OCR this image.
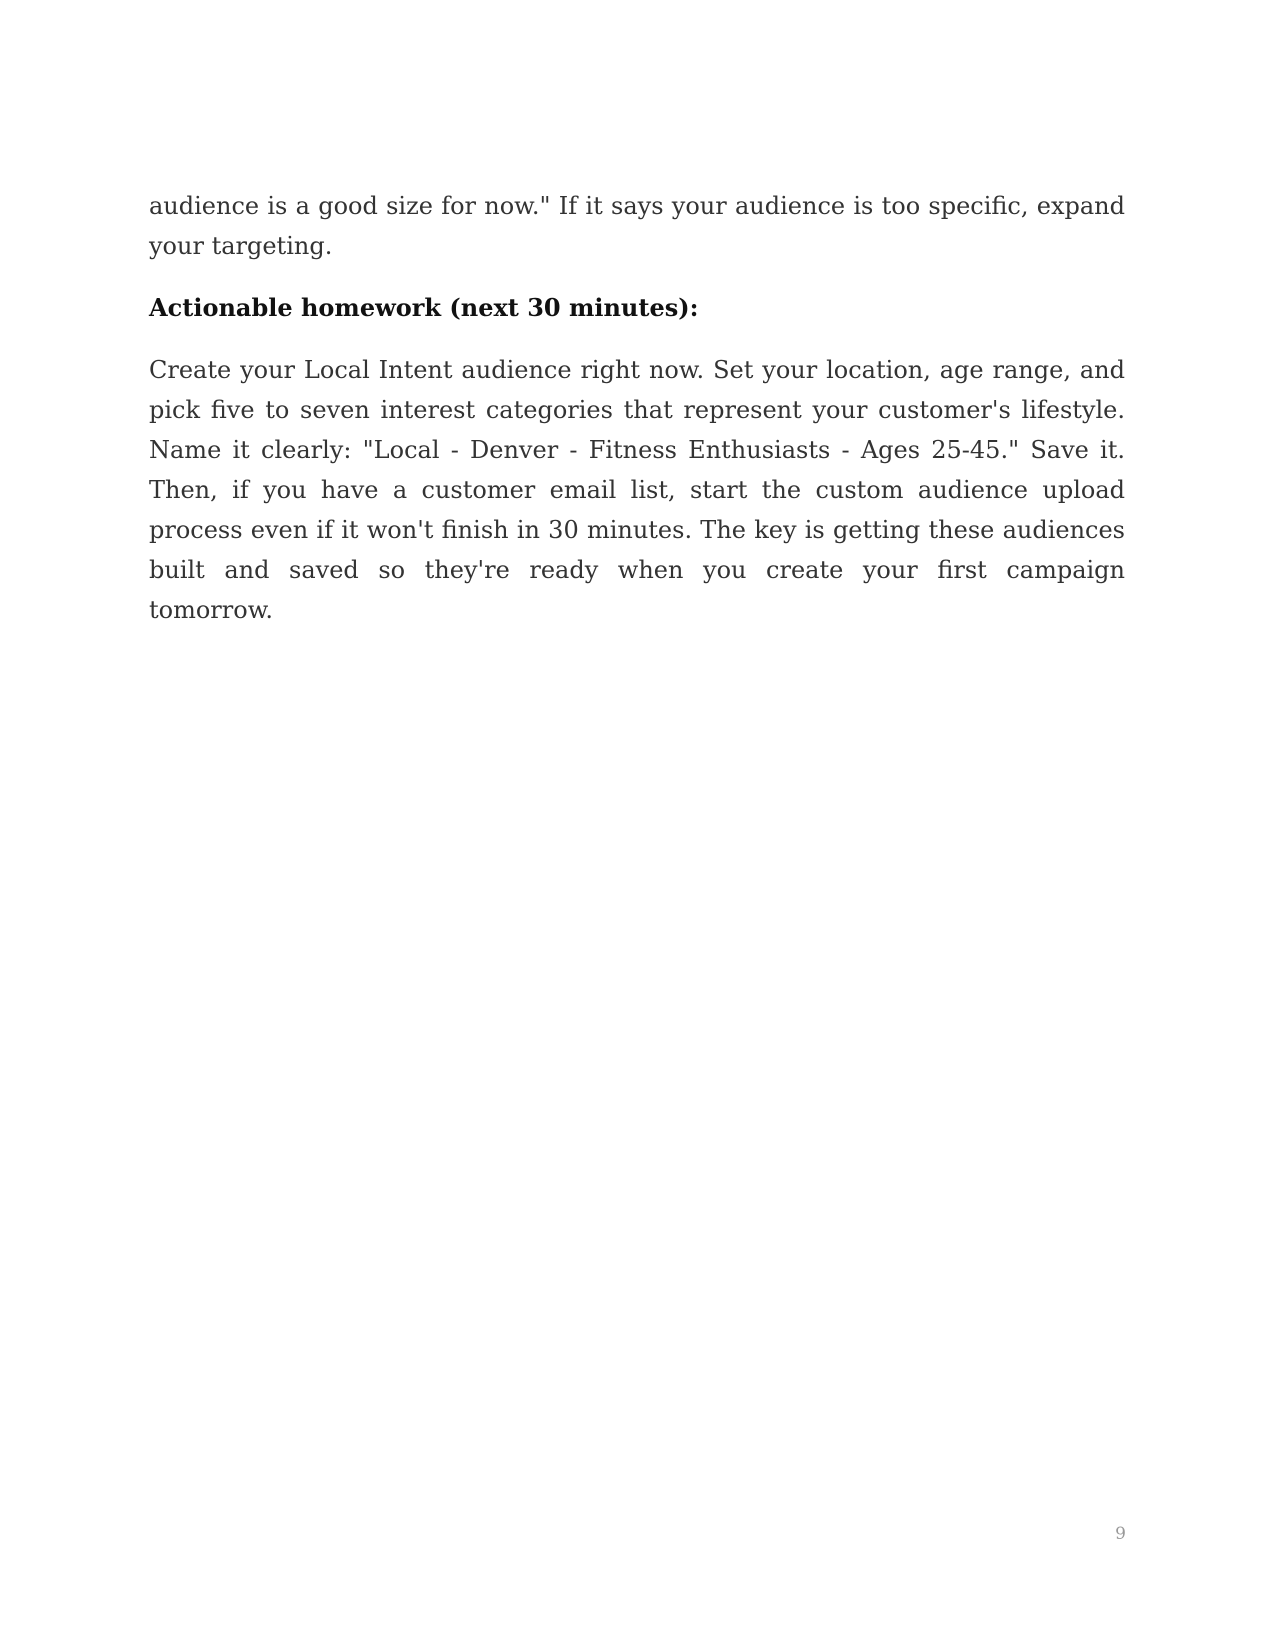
audience is a good size for now." If it says your audience is too specific, expand your targeting.

Actionable homework (next 30 minutes):

Create your Local Intent audience right now. Set your location, age range, and pick five to seven interest categories that represent your customer's lifestyle. Name it clearly: "Local - Denver - Fitness Enthusiasts - Ages 25-45." Save it. Then, if you have a customer email list, start the custom audience upload process even if it won't finish in 30 minutes. The key is getting these audiences built and saved so they're ready when you create your first campaign tomorrow.

9
